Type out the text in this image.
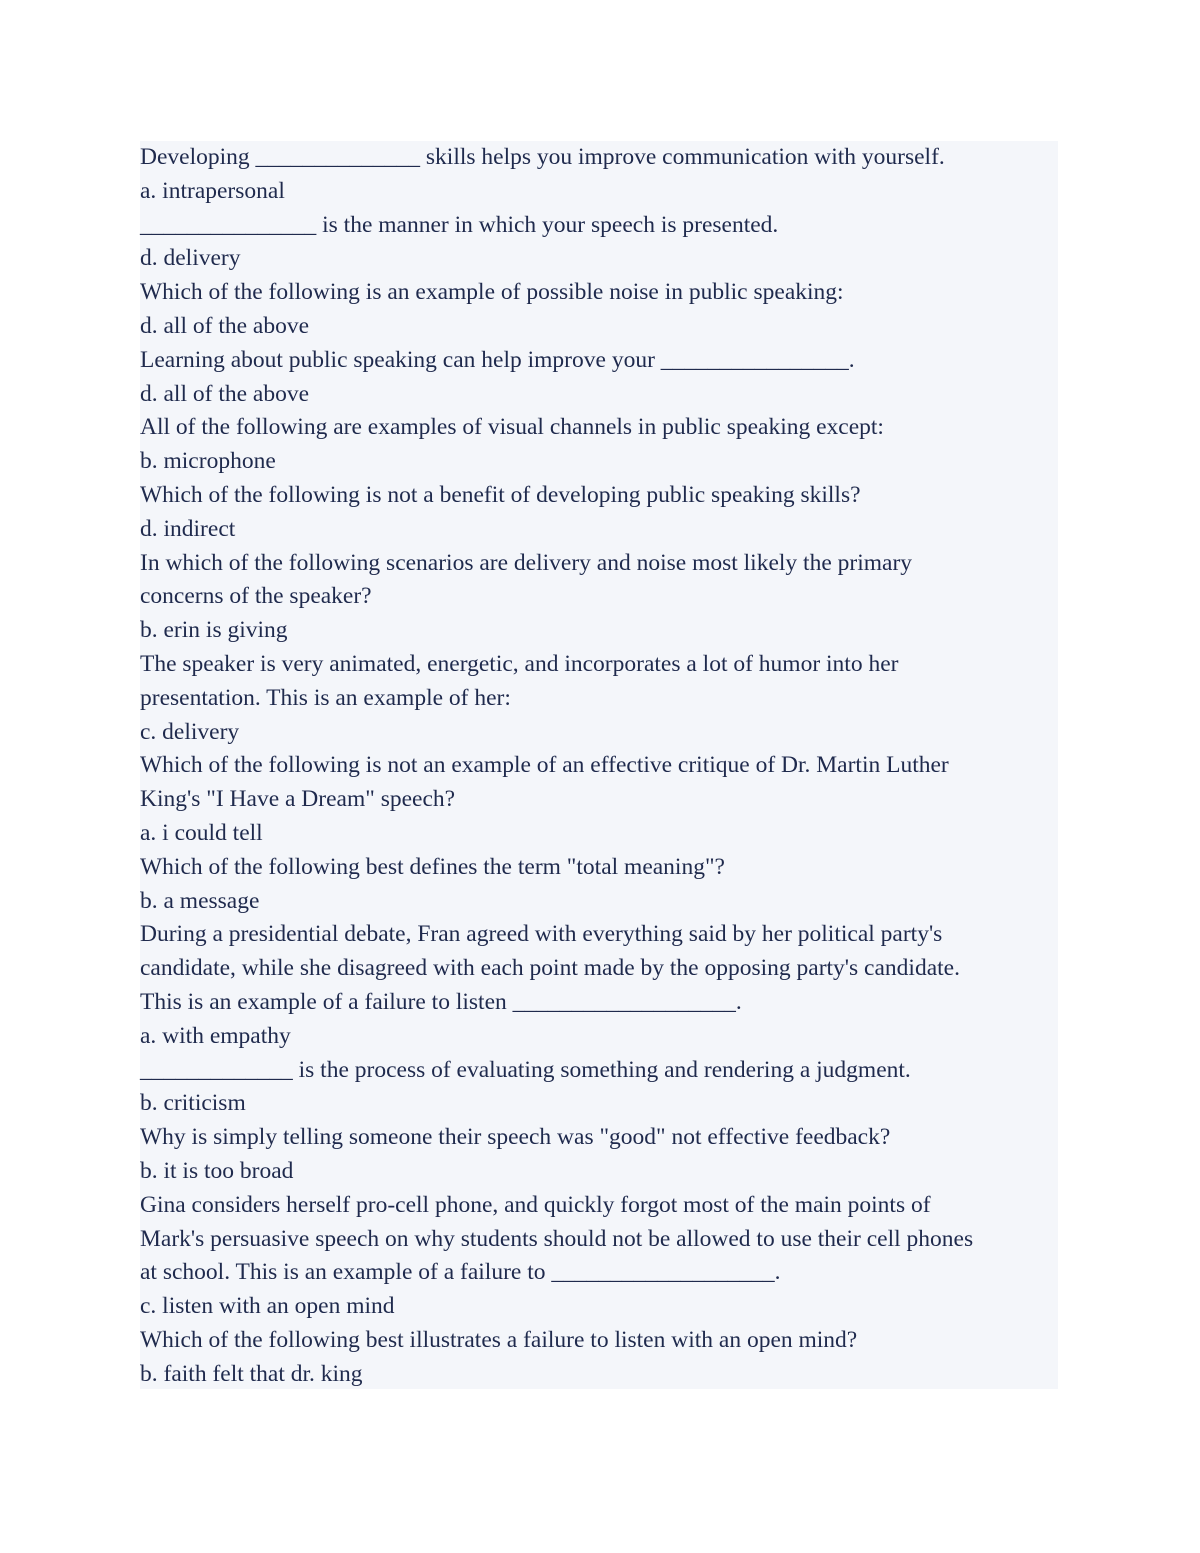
Developing ______________ skills helps you improve communication with yourself.
a. intrapersonal
_______________ is the manner in which your speech is presented.
d. delivery
Which of the following is an example of possible noise in public speaking:
d. all of the above
Learning about public speaking can help improve your ________________.
d. all of the above
All of the following are examples of visual channels in public speaking except:
b. microphone
Which of the following is not a benefit of developing public speaking skills?
d. indirect
In which of the following scenarios are delivery and noise most likely the primary
concerns of the speaker?
b. erin is giving
The speaker is very animated, energetic, and incorporates a lot of humor into her
presentation. This is an example of her:
c. delivery
Which of the following is not an example of an effective critique of Dr. Martin Luther
King's "I Have a Dream" speech?
a. i could tell
Which of the following best defines the term "total meaning"?
b. a message
During a presidential debate, Fran agreed with everything said by her political party's
candidate, while she disagreed with each point made by the opposing party's candidate.
This is an example of a failure to listen ___________________.
a. with empathy
_____________ is the process of evaluating something and rendering a judgment.
b. criticism
Why is simply telling someone their speech was "good" not effective feedback?
b. it is too broad
Gina considers herself pro-cell phone, and quickly forgot most of the main points of
Mark's persuasive speech on why students should not be allowed to use their cell phones
at school. This is an example of a failure to ___________________.
c. listen with an open mind
Which of the following best illustrates a failure to listen with an open mind?
b. faith felt that dr. king
